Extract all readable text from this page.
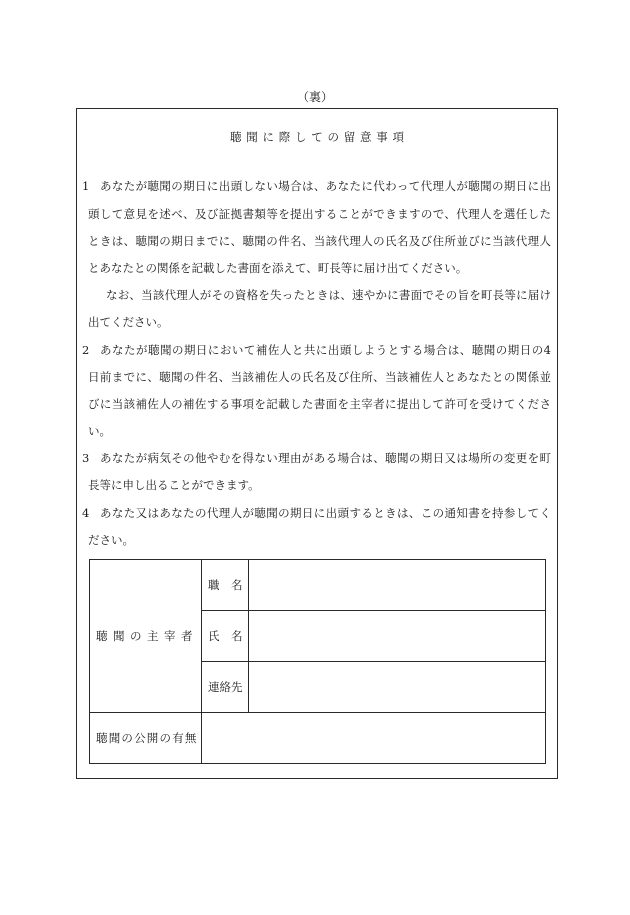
（裏）
聴聞に際しての留意事項
1 あなたが聴聞の期日に出頭しない場合は、あなたに代わって代理人が聴聞の期日に出
頭して意見を述べ、及び証拠書類等を提出することができますので、代理人を選任した
ときは、聴聞の期日までに、聴聞の件名、当該代理人の氏名及び住所並びに当該代理人
とあなたとの関係を記載した書面を添えて、町長等に届け出てください。
なお、当該代理人がその資格を失ったときは、速やかに書面でその旨を町長等に届け
出てください。
2 あなたが聴聞の期日において補佐人と共に出頭しようとする場合は、聴聞の期日の4
日前までに、聴聞の件名、当該補佐人の氏名及び住所、当該補佐人とあなたとの関係並
びに当該補佐人の補佐する事項を記載した書面を主宰者に提出して許可を受けてくださ
い。
3 あなたが病気その他やむを得ない理由がある場合は、聴聞の期日又は場所の変更を町
長等に申し出ることができます。
4 あなた又はあなたの代理人が聴聞の期日に出頭するときは、この通知書を持参してく
ださい。
聴聞の主宰者	職　名	
	氏　名	
	連絡先	
聴聞の公開の有無		
